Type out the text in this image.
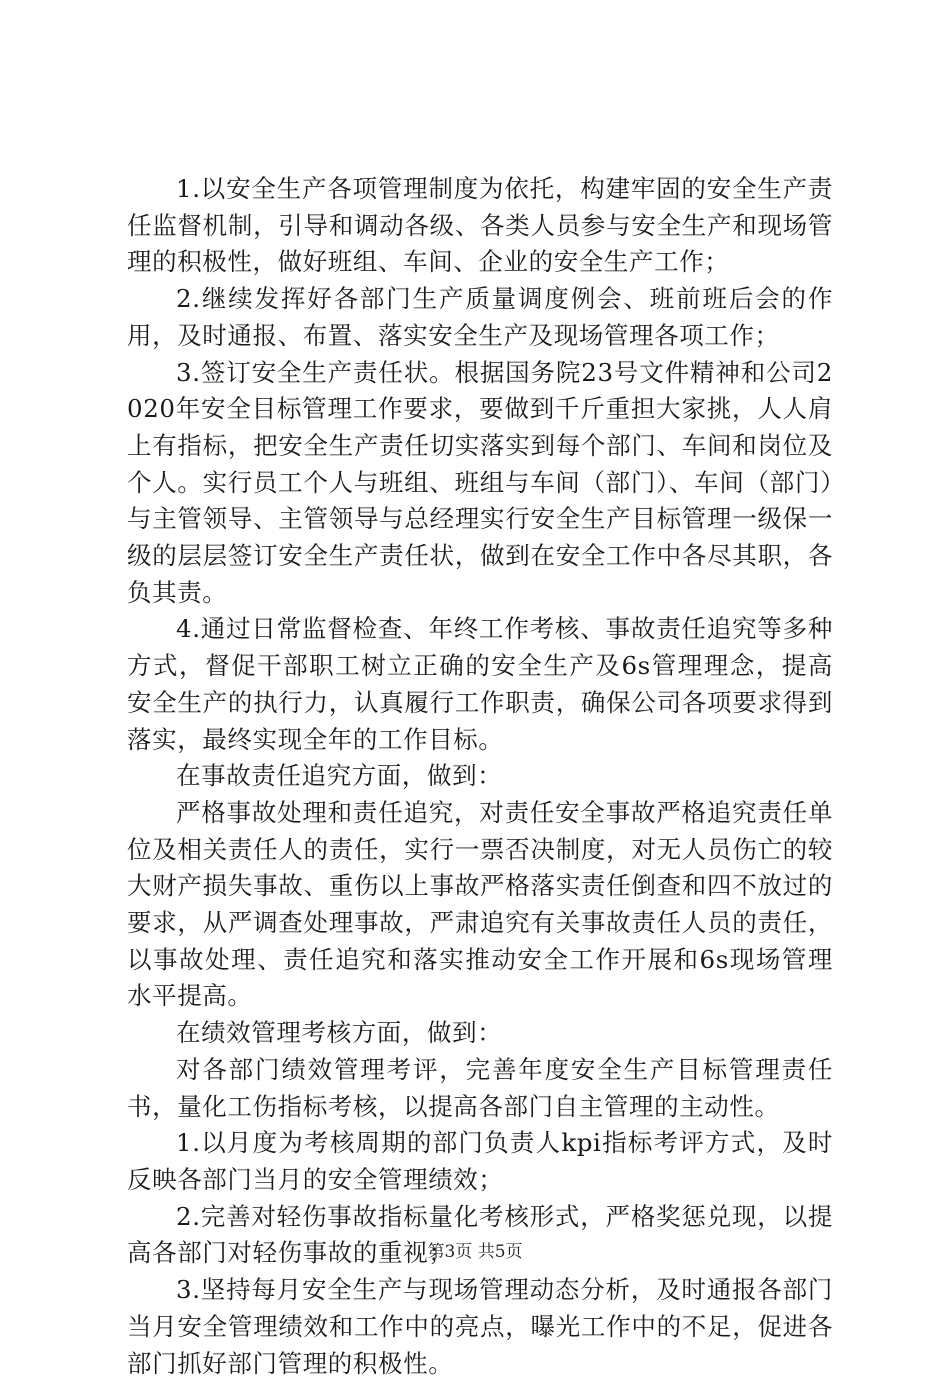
1.以安全生产各项管理制度为依托，构建牢固的安全生产责任监督机制，引导和调动各级、各类人员参与安全生产和现场管理的积极性，做好班组、车间、企业的安全生产工作；

2.继续发挥好各部门生产质量调度例会、班前班后会的作用，及时通报、布置、落实安全生产及现场管理各项工作；

3.签订安全生产责任状。根据国务院23号文件精神和公司2020年安全目标管理工作要求，要做到千斤重担大家挑，人人肩上有指标，把安全生产责任切实落实到每个部门、车间和岗位及个人。实行员工个人与班组、班组与车间（部门）、车间（部门）与主管领导、主管领导与总经理实行安全生产目标管理一级保一级的层层签订安全生产责任状，做到在安全工作中各尽其职，各负其责。

4.通过日常监督检查、年终工作考核、事故责任追究等多种方式，督促干部职工树立正确的安全生产及6s管理理念，提高安全生产的执行力，认真履行工作职责，确保公司各项要求得到落实，最终实现全年的工作目标。

在事故责任追究方面，做到：

严格事故处理和责任追究，对责任安全事故严格追究责任单位及相关责任人的责任，实行一票否决制度，对无人员伤亡的较大财产损失事故、重伤以上事故严格落实责任倒查和四不放过的要求，从严调查处理事故，严肃追究有关事故责任人员的责任，以事故处理、责任追究和落实推动安全工作开展和6s现场管理水平提高。

在绩效管理考核方面，做到：

对各部门绩效管理考评，完善年度安全生产目标管理责任书，量化工伤指标考核，以提高各部门自主管理的主动性。

1.以月度为考核周期的部门负责人kpi指标考评方式，及时反映各部门当月的安全管理绩效；

2.完善对轻伤事故指标量化考核形式，严格奖惩兑现，以提高各部门对轻伤事故的重视；

3.坚持每月安全生产与现场管理动态分析，及时通报各部门当月安全管理绩效和工作中的亮点，曝光工作中的不足，促进各部门抓好部门管理的积极性。

第3页 共5页
